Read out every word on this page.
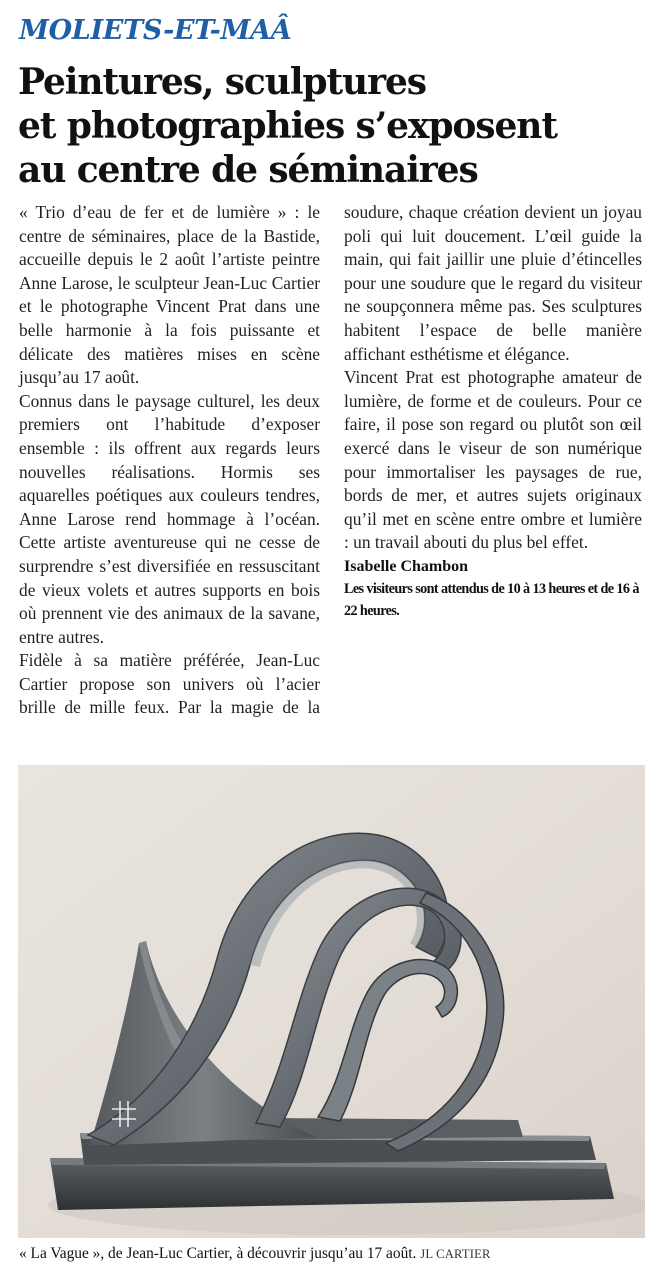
MOLIETS-ET-MAÂ
Peintures, sculptures
et photographies s’exposent
au centre de séminaires

« Trio d’eau de fer et de lumière » : le centre de séminaires, place de la Bastide, accueille depuis le 2 août l’artiste peintre Anne Larose, le sculpteur Jean-Luc Cartier et le photographe Vincent Prat dans une belle harmonie à la fois puissante et délicate des matières mises en scène jusqu’au 17 août.

Connus dans le paysage culturel, les deux premiers ont l’habitude d’exposer ensemble : ils offrent aux regards leurs nouvelles réalisations. Hormis ses aquarelles poétiques aux couleurs tendres, Anne Larose rend hommage à l’océan. Cette artiste aventureuse qui ne cesse de surprendre s’est diversifiée en ressuscitant de vieux volets et autres supports en bois où prennent vie des animaux de la savane, entre autres.

Fidèle à sa matière préférée, Jean-Luc Cartier propose son univers où l’acier brille de mille feux. Par la magie de la

soudure, chaque création devient un joyau poli qui luit doucement. L’œil guide la main, qui fait jaillir une pluie d’étincelles pour une soudure que le regard du visiteur ne soupçonnera même pas. Ses sculptures habitent l’espace de belle manière affichant esthétisme et élégance.

Vincent Prat est photographe amateur de lumière, de forme et de couleurs. Pour ce faire, il pose son regard ou plutôt son œil exercé dans le viseur de son numérique pour immortaliser les paysages de rue, bords de mer, et autres sujets originaux qu’il met en scène entre ombre et lumière : un travail abouti du plus bel effet.

Isabelle Chambon
Les visiteurs sont attendus de 10 à 13 heures et de 16 à 22 heures.
« La Vague », de Jean-Luc Cartier, à découvrir jusqu’au 17 août. JL CARTIER
